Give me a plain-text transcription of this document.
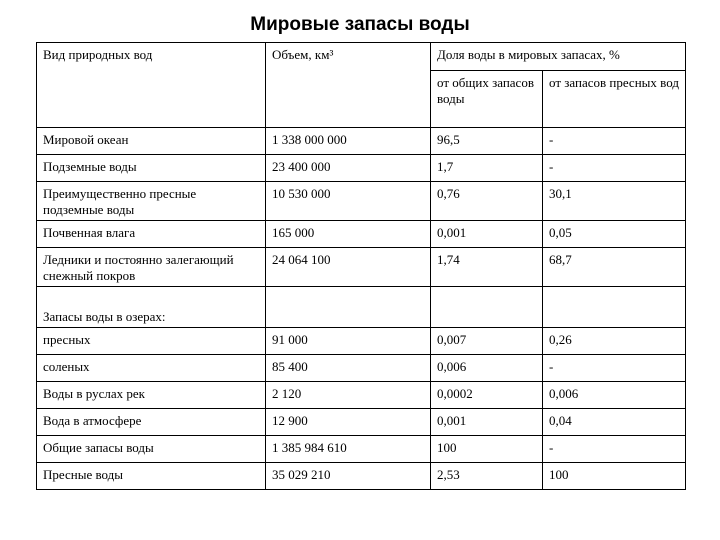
Мировые запасы воды
Вид природных вод	Объем, км³	Доля воды в мировых запасах, %	
		от общих запасов воды	от запасов пресных вод
Мировой океан	1 338 000 000	96,5	-
Подземные воды	23 400 000	1,7	-
Преимущественно пресные подземные воды	10 530 000	0,76	30,1
Почвенная влага	165 000	0,001	0,05
Ледники и постоянно залегающий снежный покров	24 064 100	1,74	68,7
Запасы воды в озерах:			
пресных	91 000	0,007	0,26
соленых	85 400	0,006	-
Воды в руслах рек	2 120	0,0002	0,006
Вода в атмосфере	12 900	0,001	0,04
Общие запасы воды	1 385 984 610	100	-
Пресные воды	35 029 210	2,53	100
